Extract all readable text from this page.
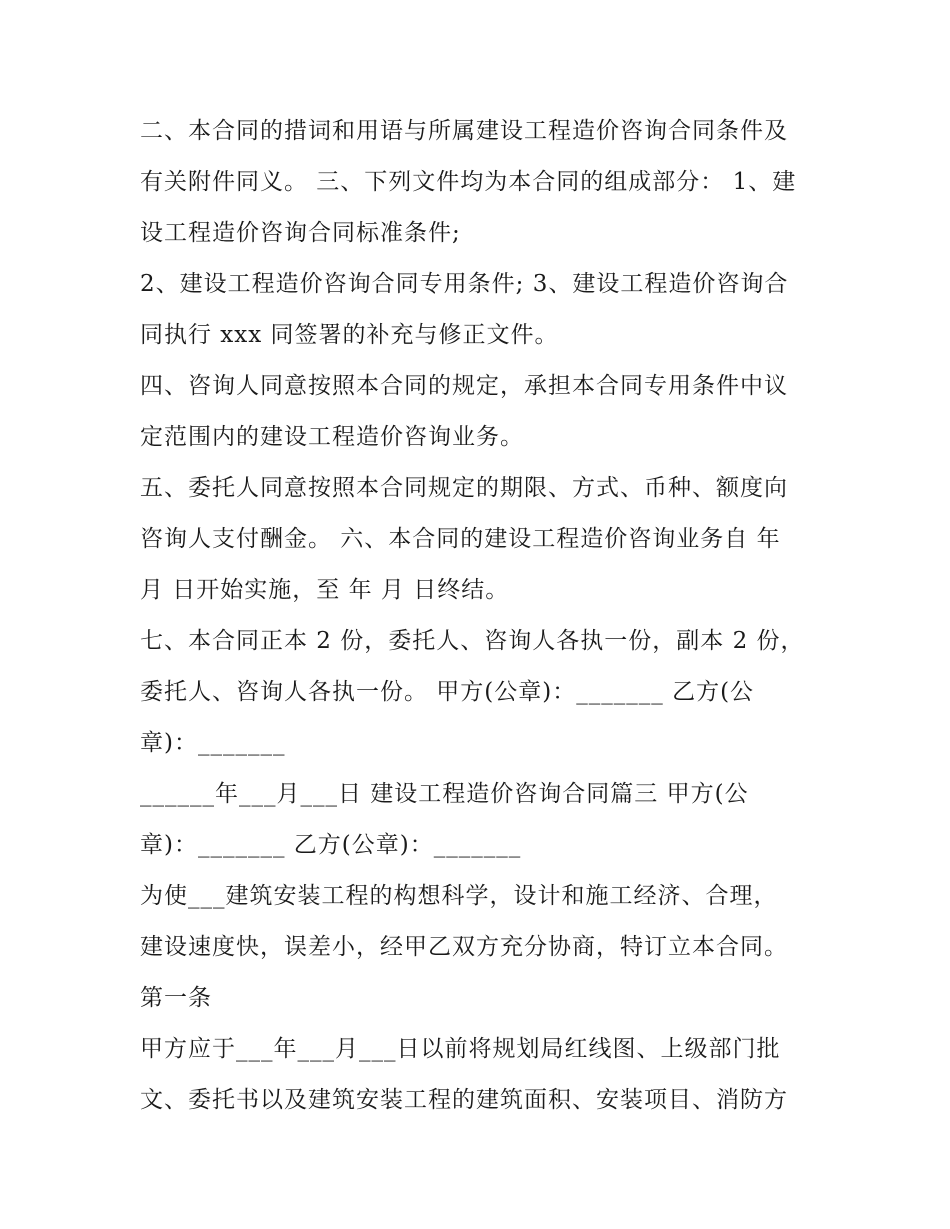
二、本合同的措词和用语与所属建设工程造价咨询合同条件及
有关附件同义。 三、下列文件均为本合同的组成部分： 1、建
设工程造价咨询合同标准条件;
2、建设工程造价咨询合同专用条件; 3、建设工程造价咨询合
同执行 xxx 同签署的补充与修正文件。
四、咨询人同意按照本合同的规定，承担本合同专用条件中议
定范围内的建设工程造价咨询业务。
五、委托人同意按照本合同规定的期限、方式、币种、额度向
咨询人支付酬金。 六、本合同的建设工程造价咨询业务自 年
月 日开始实施，至 年 月 日终结。
七、本合同正本 2 份，委托人、咨询人各执一份，副本 2 份，
委托人、咨询人各执一份。 甲方(公章)：_______ 乙方(公
章)：_______
______年___月___日 建设工程造价咨询合同篇三 甲方(公
章)：_______ 乙方(公章)：_______
为使___建筑安装工程的构想科学，设计和施工经济、合理，
建设速度快，误差小，经甲乙双方充分协商，特订立本合同。
第一条
甲方应于___年___月___日以前将规划局红线图、上级部门批
文、委托书以及建筑安装工程的建筑面积、安装项目、消防方
